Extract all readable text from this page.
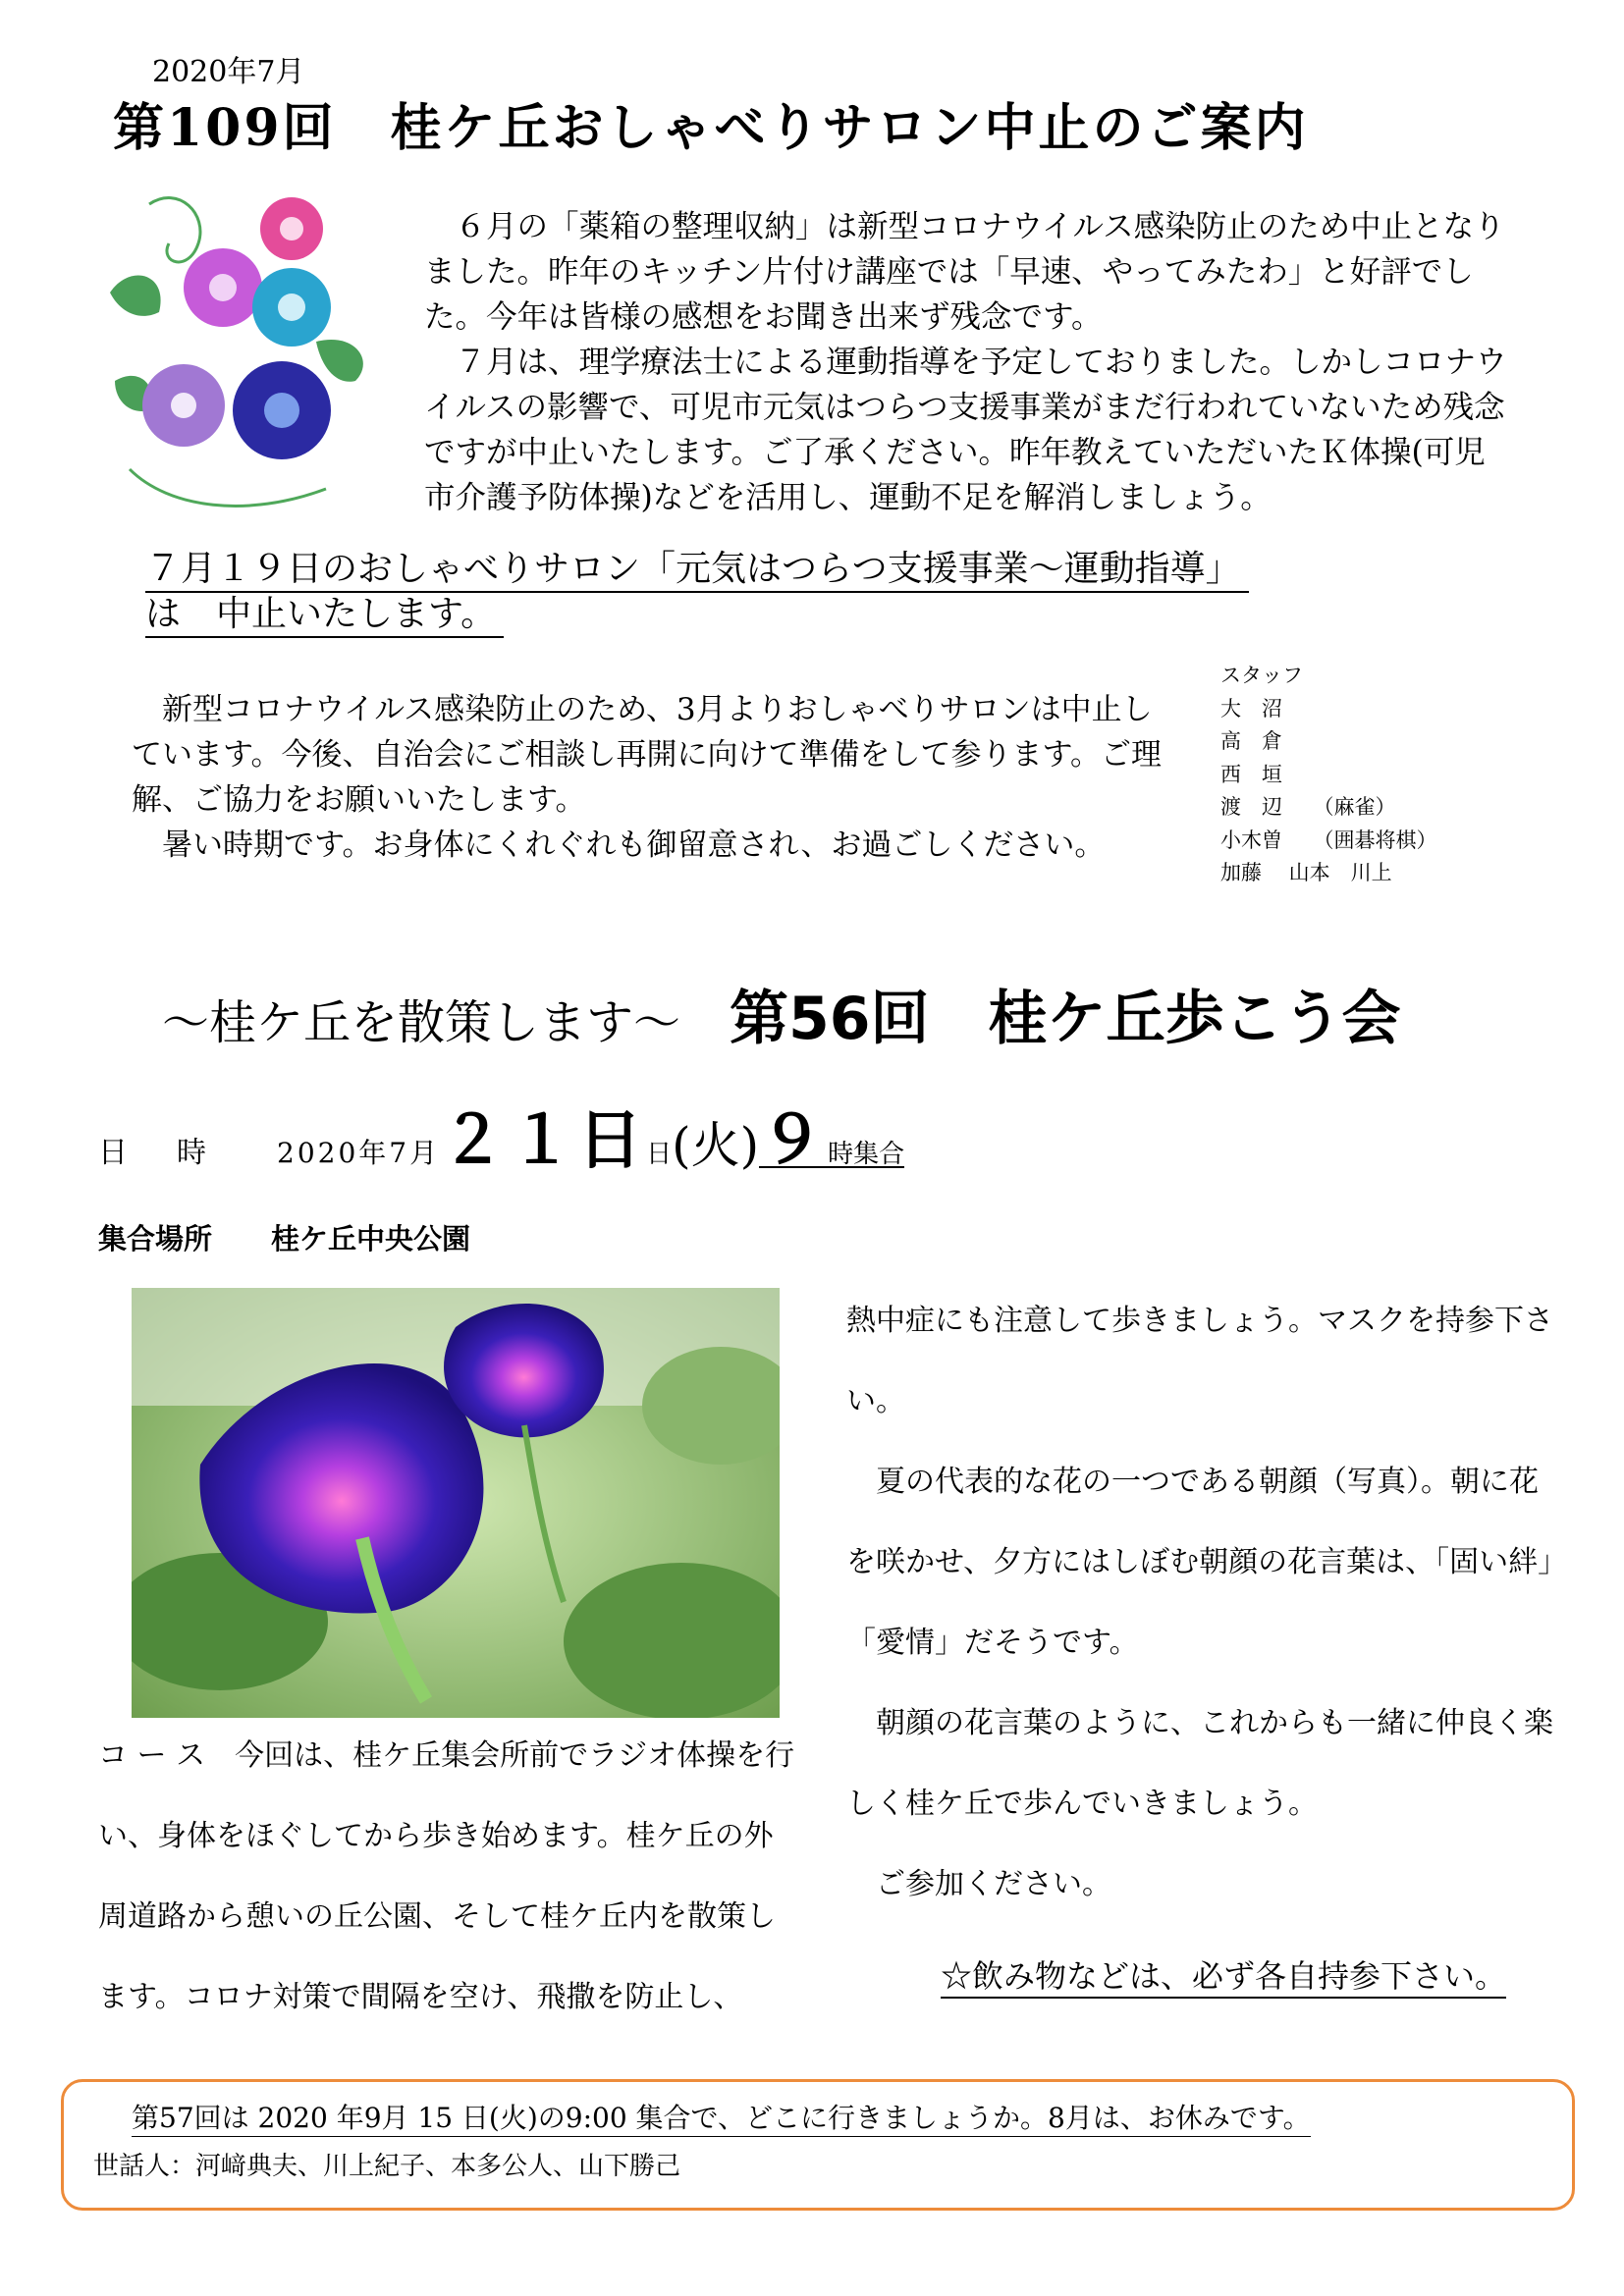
2020年7月
第109回　桂ケ丘おしゃべりサロン中止のご案内
　６月の「薬箱の整理収納」は新型コロナウイルス感染防止のため中止となりました。昨年のキッチン片付け講座では「早速、やってみたわ」と好評でした。今年は皆様の感想をお聞き出来ず残念です。
　７月は、理学療法士による運動指導を予定しておりました。しかしコロナウイルスの影響で、可児市元気はつらつ支援事業がまだ行われていないため残念ですが中止いたします。ご了承ください。昨年教えていただいたＫ体操(可児市介護予防体操)などを活用し、運動不足を解消しましょう。
７月１９日のおしゃべりサロン「元気はつらつ支援事業～運動指導」
は　中止いたします。
　新型コロナウイルス感染防止のため、3月よりおしゃべりサロンは中止しています。今後、自治会にご相談し再開に向けて準備をして参ります。ご理解、ご協力をお願いいたします。
　暑い時期です。お身体にくれぐれも御留意され、お過ごしください。
スタッフ
大　沼
高　倉
西　垣
渡　辺　　（麻雀）
小木曽　　（囲碁将棋）
加藤　 山本　川上
～桂ケ丘を散策します～ 第56回　桂ケ丘歩こう会
日時 2020年7月２１日日(火)９時集合
集合場所 桂ケ丘中央公園
コ ー ス　今回は、桂ケ丘集会所前でラジオ体操を行い、身体をほぐしてから歩き始めます。桂ケ丘の外周道路から憩いの丘公園、そして桂ケ丘内を散策します。コロナ対策で間隔を空け、飛撒を防止し、

熱中症にも注意して歩きましょう。マスクを持参下さい。

　夏の代表的な花の一つである朝顔（写真）。朝に花を咲かせ、夕方にはしぼむ朝顔の花言葉は、「固い絆」「愛情」だそうです。

　朝顔の花言葉のように、これからも一緒に仲良く楽しく桂ケ丘で歩んでいきましょう。

　ご参加ください。

☆飲み物などは、必ず各自持参下さい。
第57回は 2020 年9月 15 日(火)の9:00 集合で、どこに行きましょうか。8月は、お休みです。
世話人：河﨑典夫、川上紀子、本多公人、山下勝己
